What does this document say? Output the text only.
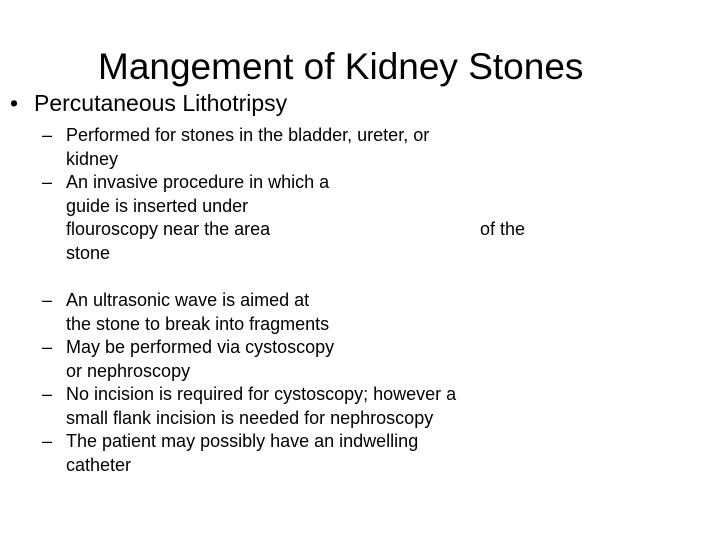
Mangement of Kidney Stones
• Percutaneous Lithotripsy
– Performed for stones in the bladder, ureter, or
kidney
– An invasive procedure in which a
guide is inserted under
flouroscopy near the area	of the
stone
– An ultrasonic wave is aimed at
the stone to break into fragments
– May be performed via cystoscopy
or nephroscopy
– No incision is required for cystoscopy; however a
small flank incision is needed for nephroscopy
– The patient may possibly have an indwelling
catheter
